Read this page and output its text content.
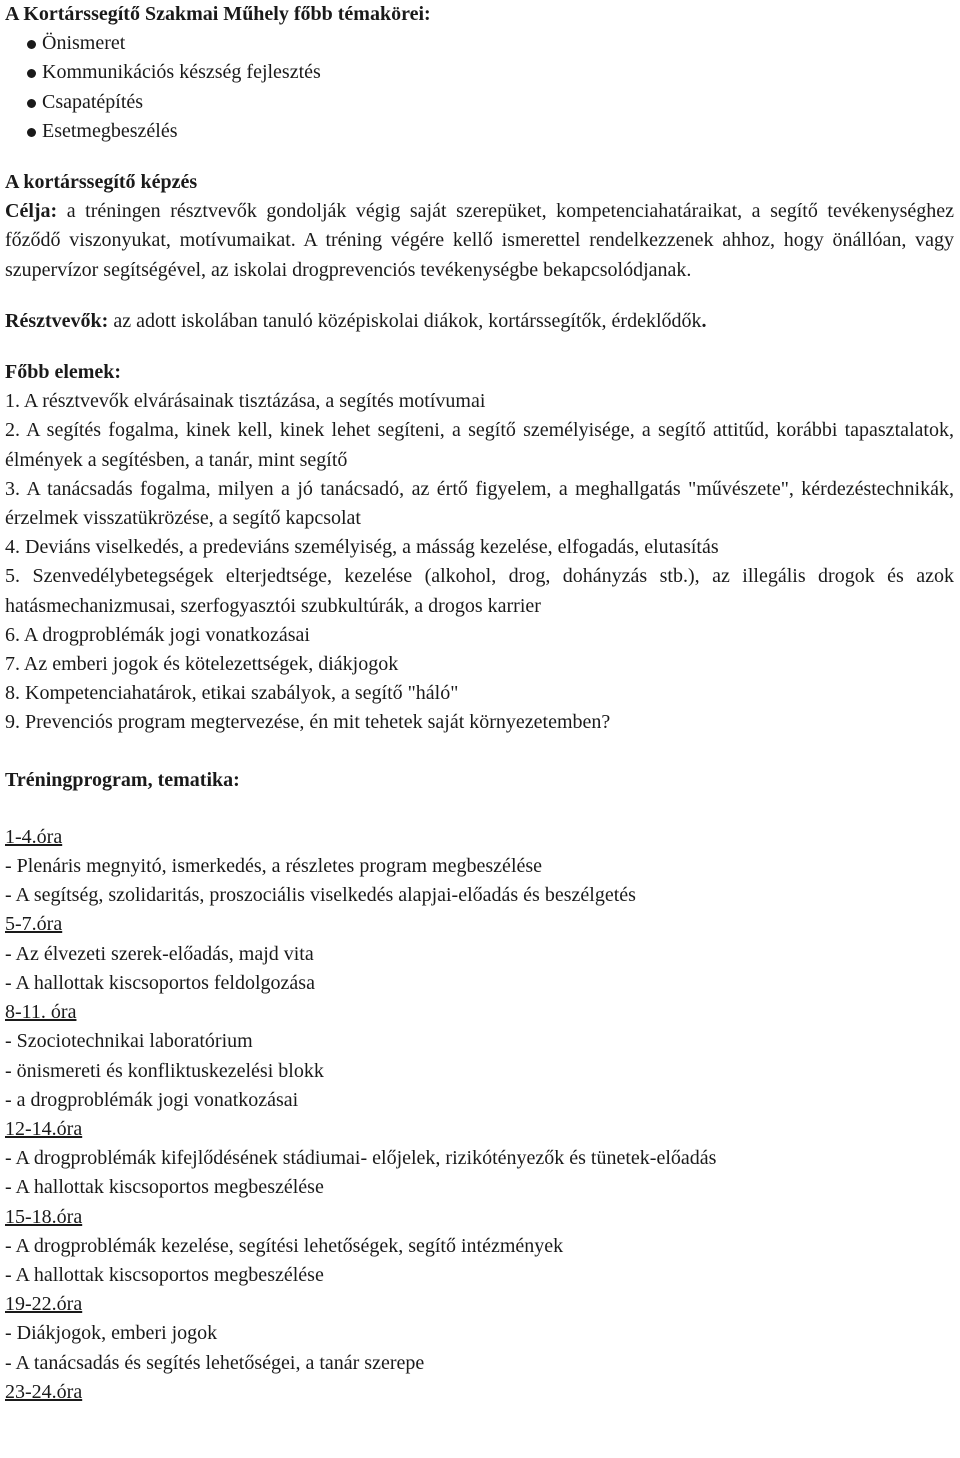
A Kortárssegítő Szakmai Műhely főbb témakörei:

Önismeret
Kommunikációs készség fejlesztés
Csapatépítés
Esetmegbeszélés

A kortárssegítő képzés

Célja: a tréningen résztvevők gondolják végig saját szerepüket, kompetenciahatáraikat, a segítő tevékenységhez főződő viszonyukat, motívumaikat. A tréning végére kellő ismerettel rendelkezzenek ahhoz, hogy önállóan, vagy szupervízor segítségével, az iskolai drogprevenciós tevékenységbe bekapcsolódjanak.

Résztvevők: az adott iskolában tanuló középiskolai diákok, kortárssegítők, érdeklődők.

Főbb elemek:

1. A résztvevők elvárásainak tisztázása, a segítés motívumai

2. A segítés fogalma, kinek kell, kinek lehet segíteni, a segítő személyisége, a segítő attitűd, korábbi tapasztalatok, élmények a segítésben, a tanár, mint segítő

3. A tanácsadás fogalma, milyen a jó tanácsadó, az értő figyelem, a meghallgatás "művészete", kérdezéstechnikák, érzelmek visszatükrözése, a segítő kapcsolat

4. Deviáns viselkedés, a predeviáns személyiség, a másság kezelése, elfogadás, elutasítás

5. Szenvedélybetegségek elterjedtsége, kezelése (alkohol, drog, dohányzás stb.), az illegális drogok és azok hatásmechanizmusai, szerfogyasztói szubkultúrák, a drogos karrier

6. A drogproblémák jogi vonatkozásai

7. Az emberi jogok és kötelezettségek, diákjogok

8. Kompetenciahatárok, etikai szabályok, a segítő "háló"

9. Prevenciós program megtervezése, én mit tehetek saját környezetemben?

Tréningprogram, tematika:

1-4.óra

- Plenáris megnyitó, ismerkedés, a részletes program megbeszélése

- A segítség, szolidaritás, proszociális viselkedés alapjai-előadás és beszélgetés

5-7.óra

- Az élvezeti szerek-előadás, majd vita

- A hallottak kiscsoportos feldolgozása

8-11. óra

- Szociotechnikai laboratórium

- önismereti és konfliktuskezelési blokk

- a drogproblémák jogi vonatkozásai

12-14.óra

- A drogproblémák kifejlődésének stádiumai- előjelek, rizikótényezők és tünetek-előadás

- A hallottak kiscsoportos megbeszélése

15-18.óra

- A drogproblémák kezelése, segítési lehetőségek, segítő intézmények

- A hallottak kiscsoportos megbeszélése

19-22.óra

- Diákjogok, emberi jogok

- A tanácsadás és segítés lehetőségei, a tanár szerepe

23-24.óra
